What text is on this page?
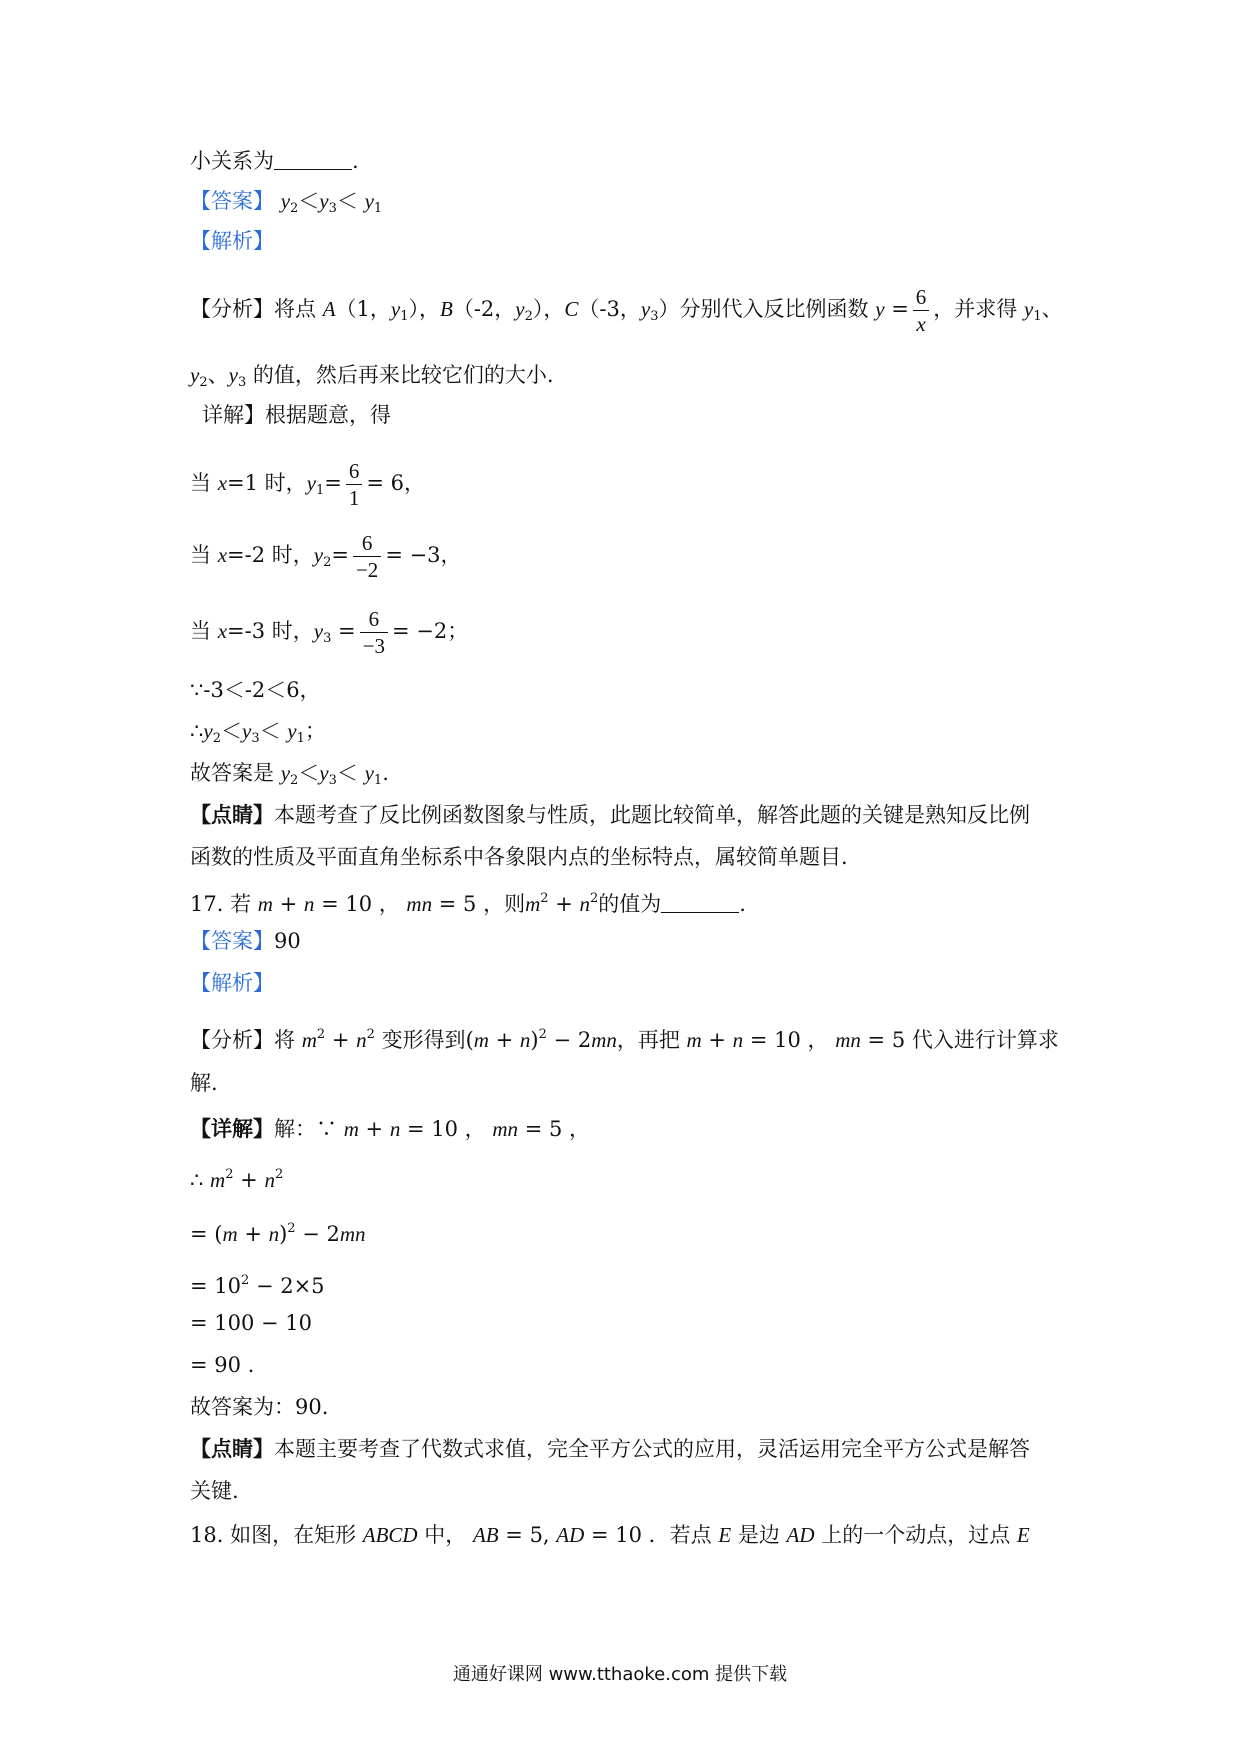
小关系为	.
【答案】 $y_2<y_3< y_1$
【解析】
【分析】将点 A（1，$y_1$），B（-2，$y_2$），C（-3，$y_3$）分别代入反比例函数 $y = \frac{6}{x}$ ，并求得 $y_1$、
$y_2$、$y_3$ 的值，然后再来比较它们的大小.
详解】根据题意，得
当 x=1 时，$y_1= \frac{6}{1} = 6$，
当 x=-2 时，$y_2= \frac{6}{-2} = -3$，
当 x=-3 时，$y_3 = \frac{6}{-3} = -2$；
∵-3＜-2＜6，
$\therefore y_2<y_3< y_1$；
故答案是 $y_2<y_3< y_1$.
【点睛】本题考查了反比例函数图象与性质，此题比较简单，解答此题的关键是熟知反比例
函数的性质及平面直角坐标系中各象限内点的坐标特点，属较简单题目.
17. 若 m + n = 10 ， mn = 5 ，则$m^2 + n^2$的值为	.
【答案】90
【解析】
【分析】将 $m^2 + n^2$ 变形得到$(m + n)^2 - 2mn$，再把 m + n = 10 ， mn = 5 代入进行计算求
解.
【详解】解：∵ m + n = 10 ， mn = 5 ，
∴ $m^2 + n^2$
= $(m + n)^2 - 2mn$
= $10^2 - 2\times 5$
= 100 − 10
= 90 .
故答案为：90.
【点睛】本题主要考查了代数式求值，完全平方公式的应用，灵活运用完全平方公式是解答
关键.
18. 如图，在矩形 ABCD 中， AB = 5, AD = 10 ．若点 E 是边 AD 上的一个动点，过点 E
通通好课网 www.tthaoke.com 提供下载
